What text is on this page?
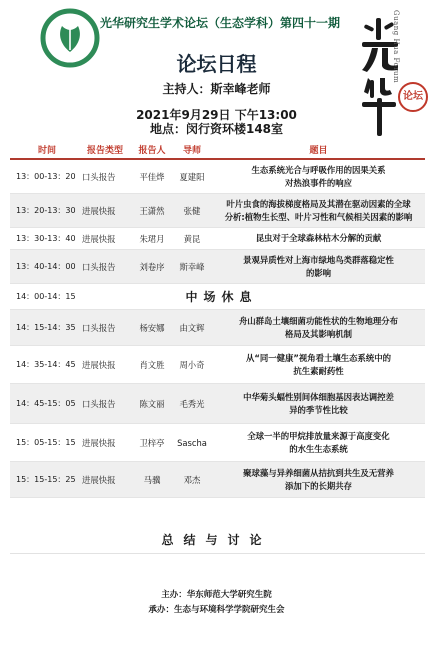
光华研究生学术论坛（生态学科）第四十一期	Guang Hua Forum
论坛
论坛日程
主持人：斯幸峰老师
2021年9月29日 下午13:00
地点：闵行资环楼148室
时间	报告类型	报告人	导师	题目
13：00-13：20 口头报告	平佳烨	夏建阳
生态系统光合与呼吸作用的因果关系
对热浪事件的响应
13：20-13：30 进展快报	王潇然	张健
叶片虫食的海拔梯度格局及其潜在驱动因素的全球
分析:植物生长型、叶片习性和气候相关因素的影响
13：30-13：40 进展快报	朱珺月	黄昆	昆虫对于全球森林枯木分解的贡献
13：40-14：00 口头报告	刘卷序	斯幸峰
景观异质性对上海市绿地鸟类群落稳定性
的影响
14：00-14：15	中场休息
14：15-14：35 口头报告	杨安娜	由文辉
舟山群岛土壤细菌功能性状的生物地理分布
格局及其影响机制
14：35-14：45 进展快报	肖文胜	周小奇
从“同一健康”视角看土壤生态系统中的
抗生素耐药性
14：45-15：05 口头报告	陈文丽	毛秀光
中华菊头蝠性别间体细胞基因表达调控差
异的季节性比较
15：05-15：15 进展快报	卫梓亭	Sascha
全球一半的甲烷排放量来源于高度变化
的水生生态系统
15：15-15：25 进展快报	马骥	邓杰
聚球藻与异养细菌从拮抗到共生及无营养
添加下的长期共存
总结与讨论
主办：华东师范大学研究生院
承办：生态与环境科学学院研究生会
